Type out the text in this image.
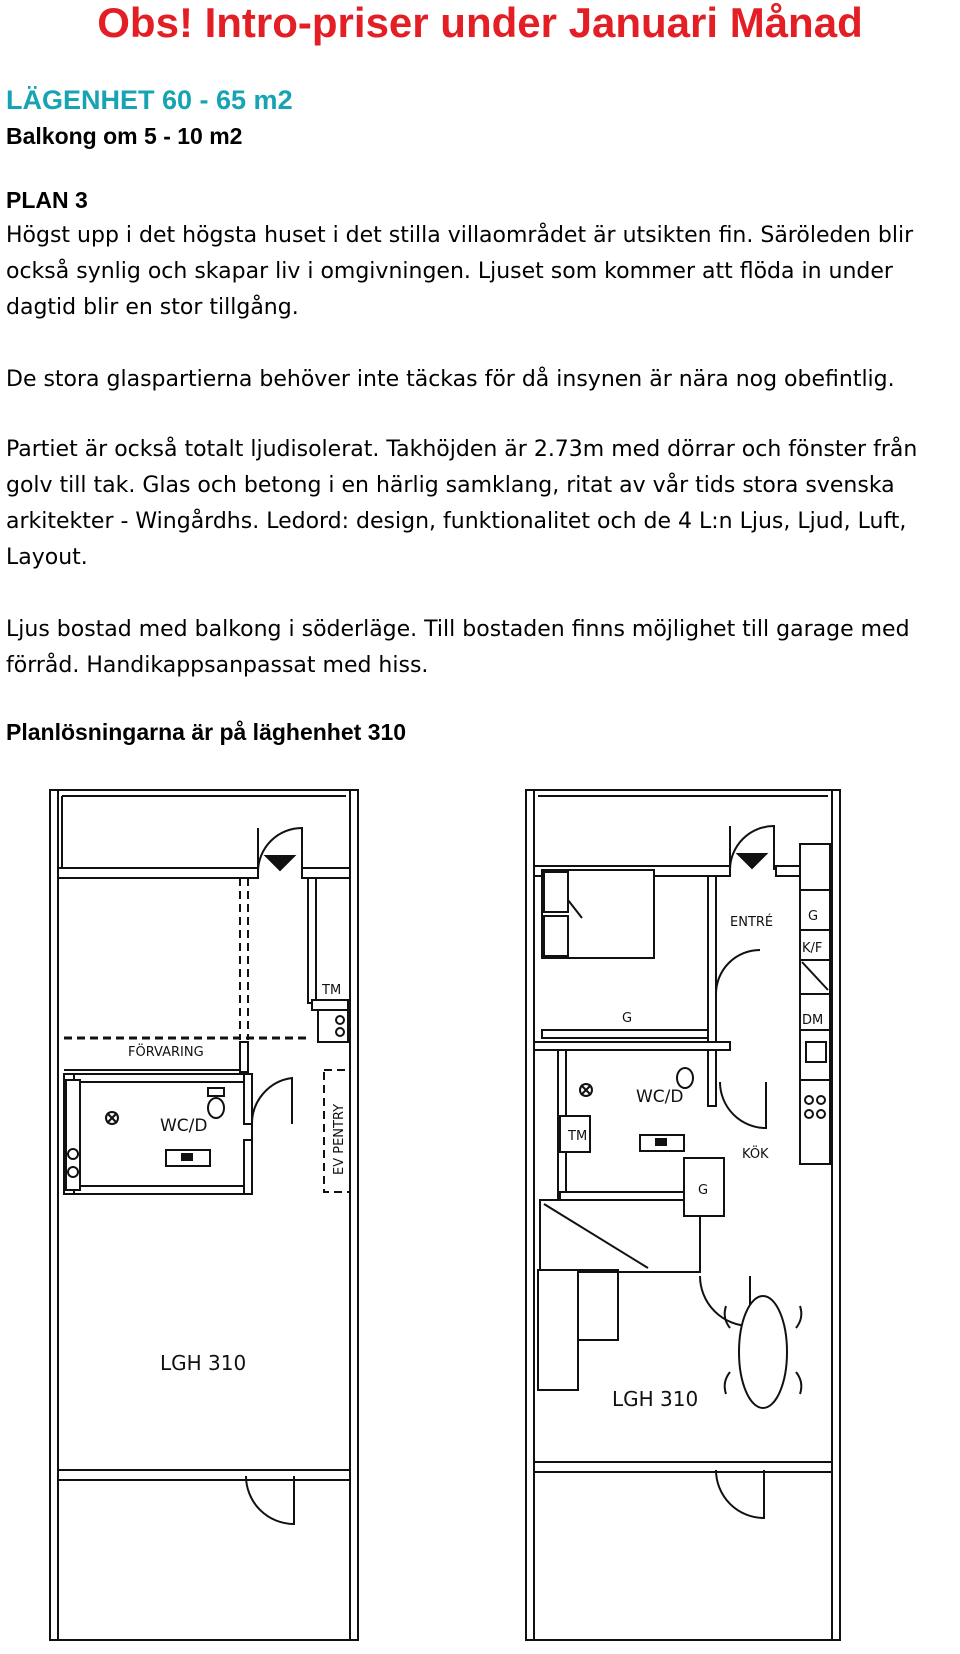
Obs! Intro-priser under Januari Månad
LÄGENHET 60 - 65 m2
Balkong om 5 - 10 m2
PLAN 3

Högst upp i det högsta huset i det stilla villaområdet är utsikten fin. Säröleden blir också synlig och skapar liv i omgivningen. Ljuset som kommer att flöda in under dagtid blir en stor tillgång.

De stora glaspartierna behöver inte täckas för då insynen är nära nog obefintlig.

Partiet är också totalt ljudisolerat. Takhöjden är 2.73m med dörrar och fönster från golv till tak. Glas och betong i en härlig samklang, ritat av vår tids stora svenska arkitekter - Wingårdhs. Ledord: design, funktionalitet och de 4 L:n Ljus, Ljud, Luft, Layout.

Ljus bostad med balkong i söderläge. Till bostaden finns möjlighet till garage med förråd. Handikappsanpassat med hiss.

Planlösningarna är på läghenhet 310
FÖRVARING
WC/D
TM
EV PENTRY
LGH 310
ENTRÉ	G
K/F
DM
G
WC/D
TM
KÖK
G
LGH 310
